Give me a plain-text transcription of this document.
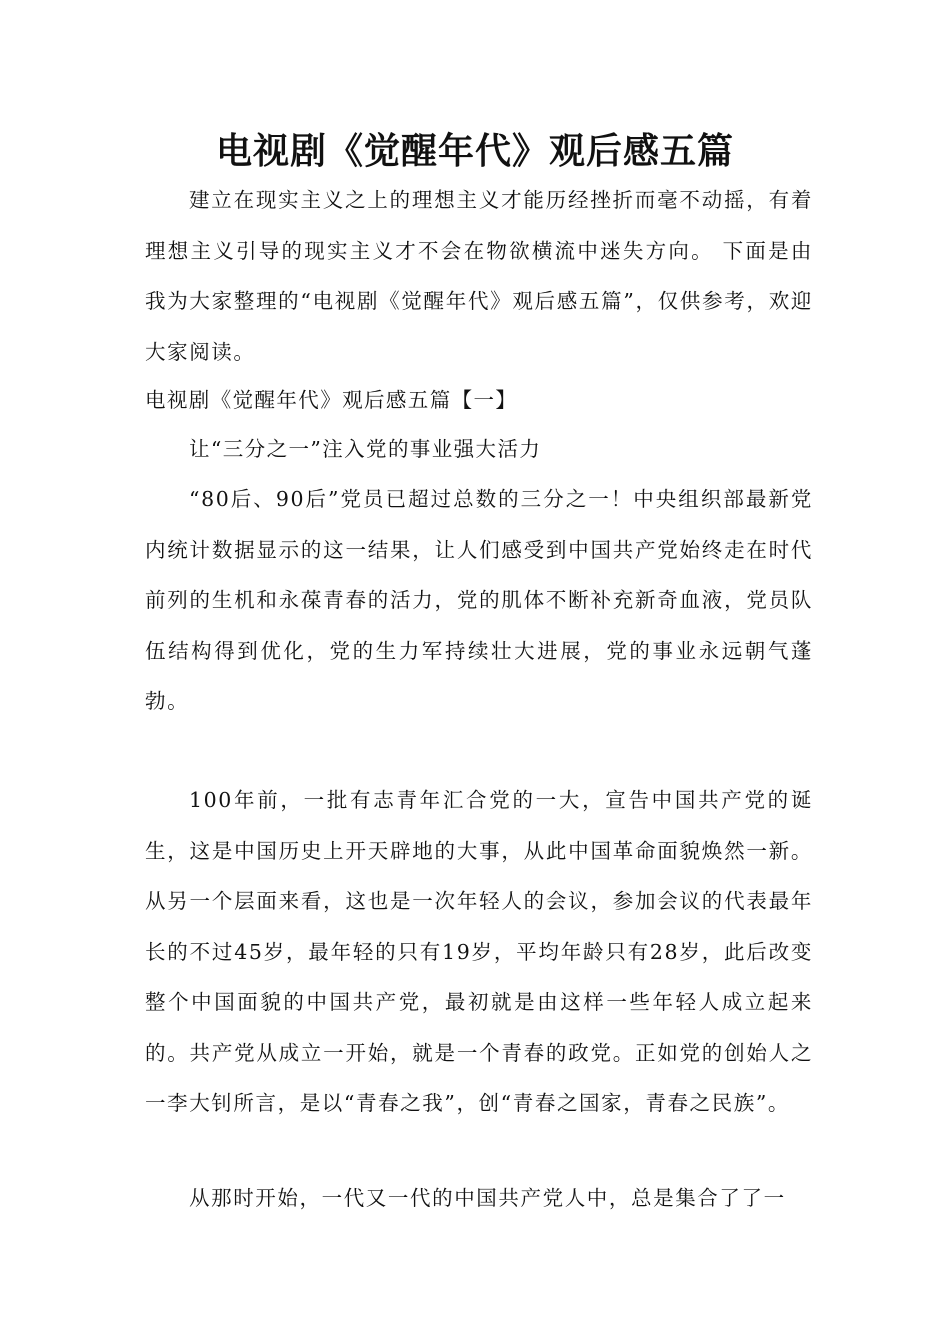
电视剧《觉醒年代》观后感五篇

建立在现实主义之上的理想主义才能历经挫折而毫不动摇，有着理想主义引导的现实主义才不会在物欲横流中迷失方向。 下面是由我为大家整理的“电视剧《觉醒年代》观后感五篇”，仅供参考，欢迎大家阅读。

电视剧《觉醒年代》观后感五篇【一】

让“三分之一”注入党的事业强大活力

“80后、90后”党员已超过总数的三分之一！中央组织部最新党内统计数据显示的这一结果，让人们感受到中国共产党始终走在时代前列的生机和永葆青春的活力，党的肌体不断补充新奇血液，党员队伍结构得到优化，党的生力军持续壮大进展，党的事业永远朝气蓬勃。

100年前，一批有志青年汇合党的一大，宣告中国共产党的诞生，这是中国历史上开天辟地的大事，从此中国革命面貌焕然一新。从另一个层面来看，这也是一次年轻人的会议，参加会议的代表最年长的不过45岁，最年轻的只有19岁，平均年龄只有28岁，此后改变整个中国面貌的中国共产党，最初就是由这样一些年轻人成立起来的。共产党从成立一开始，就是一个青春的政党。正如党的创始人之一李大钊所言，是以“青春之我”，创“青春之国家，青春之民族”。

从那时开始，一代又一代的中国共产党人中，总是集合了了一
